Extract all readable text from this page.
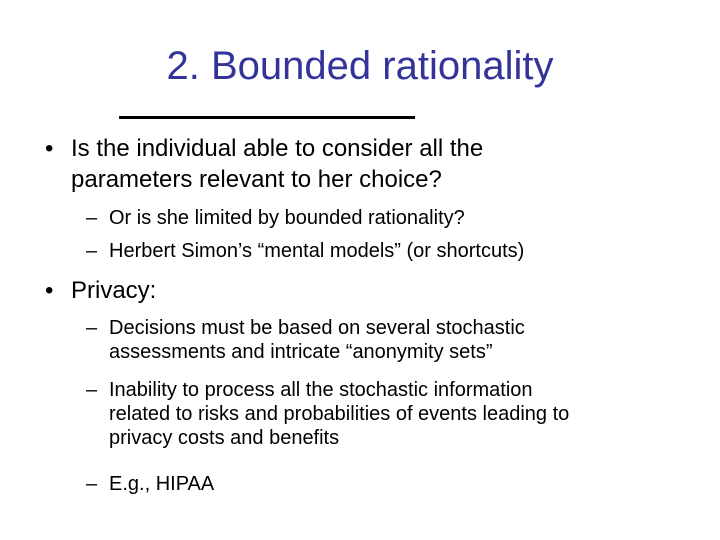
2. Bounded rationality
• Is the individual able to consider all the
parameters relevant to her choice?
– Or is she limited by bounded rationality?
– Herbert Simon’s “mental models” (or shortcuts)
• Privacy:
– Decisions must be based on several stochastic
assessments and intricate “anonymity sets”
– Inability to process all the stochastic information
related to risks and probabilities of events leading to
privacy costs and benefits
– E.g., HIPAA
